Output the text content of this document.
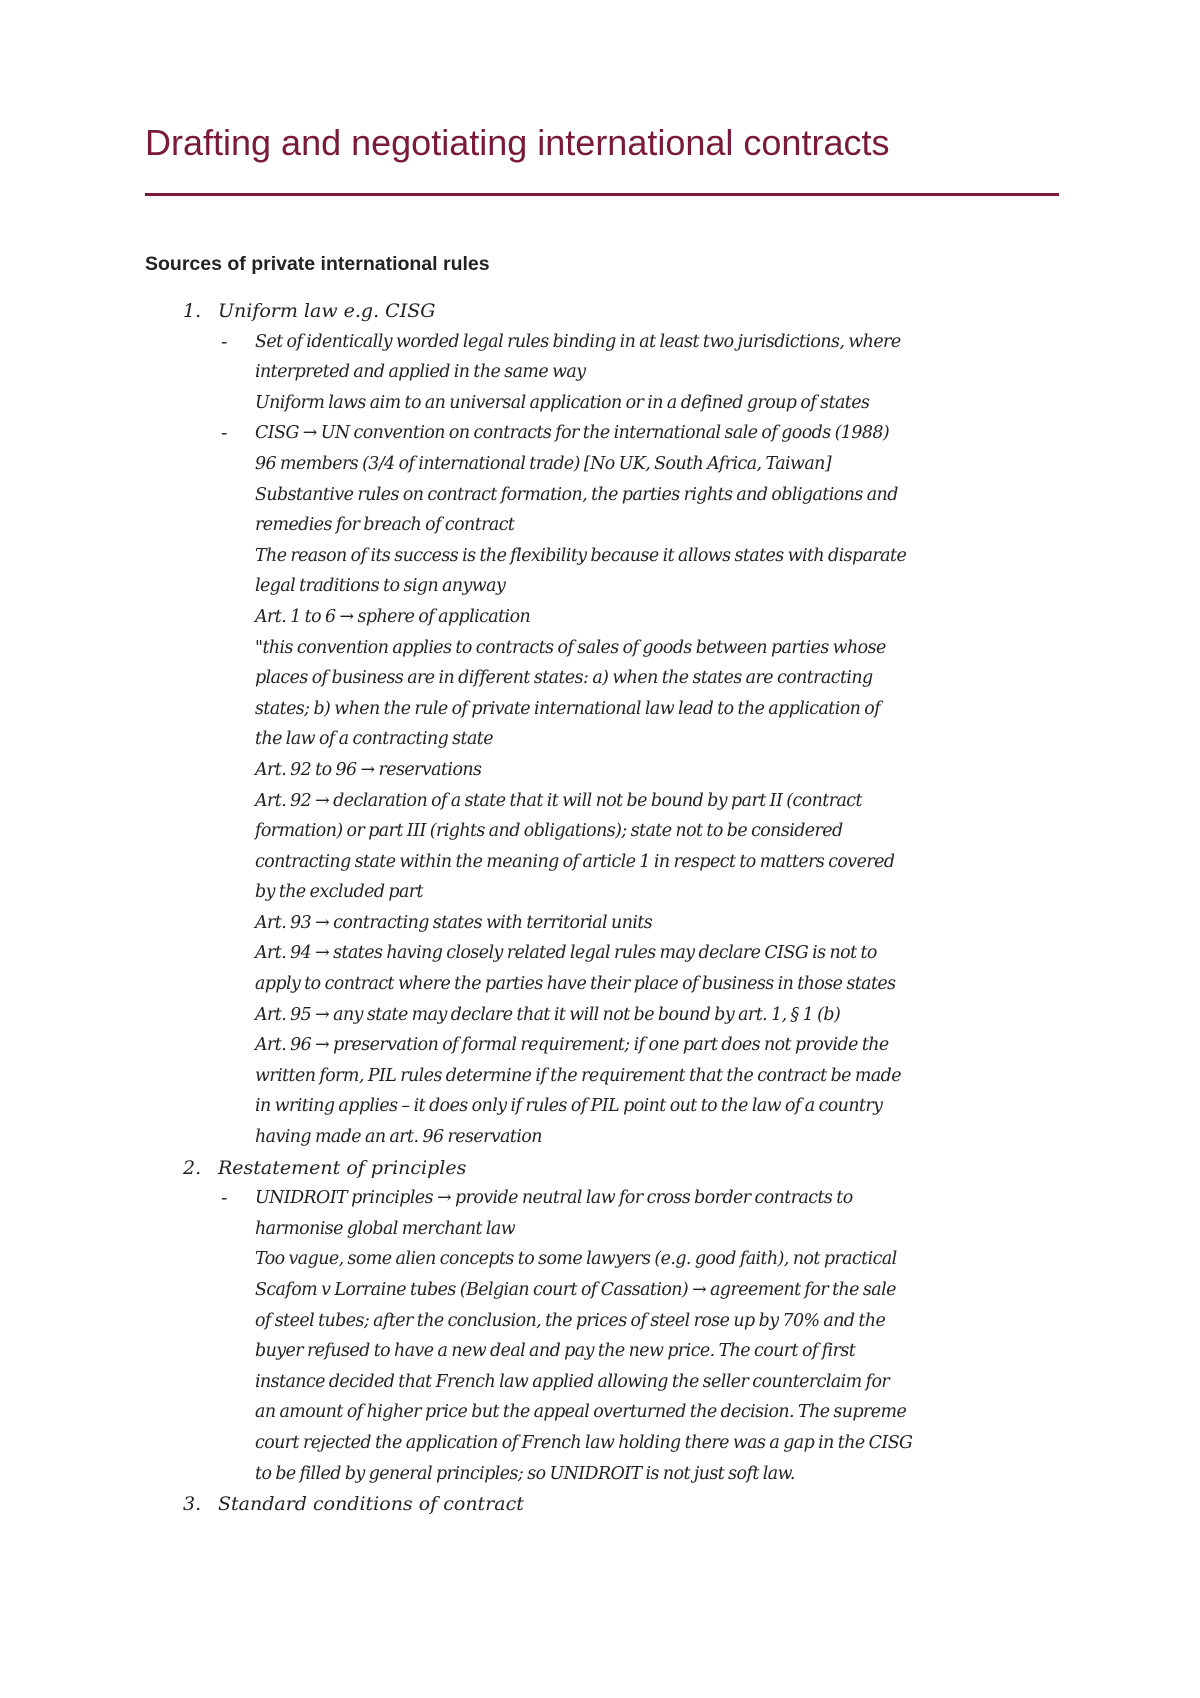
Drafting and negotiating international contracts
Sources of private international rules
1. Uniform law e.g. CISG
- Set of identically worded legal rules binding in at least two jurisdictions, where
interpreted and applied in the same way
Uniform laws aim to an universal application or in a defined group of states
- CISG → UN convention on contracts for the international sale of goods (1988)
96 members (3/4 of international trade) [No UK, South Africa, Taiwan]
Substantive rules on contract formation, the parties rights and obligations and
remedies for breach of contract
The reason of its success is the flexibility because it allows states with disparate
legal traditions to sign anyway
Art. 1 to 6 → sphere of application
"this convention applies to contracts of sales of goods between parties whose
places of business are in different states: a) when the states are contracting
states; b) when the rule of private international law lead to the application of
the law of a contracting state
Art. 92 to 96 → reservations
Art. 92 → declaration of a state that it will not be bound by part II (contract
formation) or part III (rights and obligations); state not to be considered
contracting state within the meaning of article 1 in respect to matters covered
by the excluded part
Art. 93 → contracting states with territorial units
Art. 94 → states having closely related legal rules may declare CISG is not to
apply to contract where the parties have their place of business in those states
Art. 95 → any state may declare that it will not be bound by art. 1, § 1 (b)
Art. 96 → preservation of formal requirement; if one part does not provide the
written form, PIL rules determine if the requirement that the contract be made
in writing applies – it does only if rules of PIL point out to the law of a country
having made an art. 96 reservation
2. Restatement of principles
- UNIDROIT principles → provide neutral law for cross border contracts to
harmonise global merchant law
Too vague, some alien concepts to some lawyers (e.g. good faith), not practical
Scafom v Lorraine tubes (Belgian court of Cassation) → agreement for the sale
of steel tubes; after the conclusion, the prices of steel rose up by 70% and the
buyer refused to have a new deal and pay the new price. The court of first
instance decided that French law applied allowing the seller counterclaim for
an amount of higher price but the appeal overturned the decision. The supreme
court rejected the application of French law holding there was a gap in the CISG
to be filled by general principles; so UNIDROIT is not just soft law.
3. Standard conditions of contract
